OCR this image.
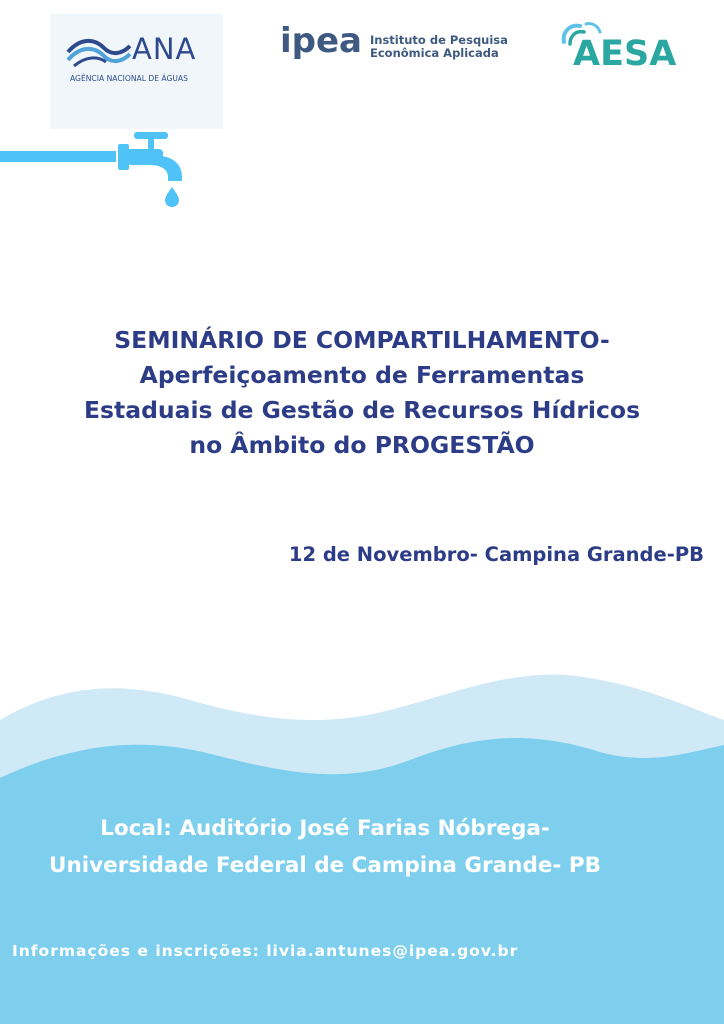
ANA
AGÊNCIA NACIONAL DE ÁGUAS
ipea Instituto de Pesquisa
Econômica Aplicada	AESA
SEMINÁRIO DE COMPARTILHAMENTO-
Aperfeiçoamento de Ferramentas
Estaduais de Gestão de Recursos Hídricos
no Âmbito do PROGESTÃO
12 de Novembro- Campina Grande-PB
Local: Auditório José Farias Nóbrega-
Universidade Federal de Campina Grande- PB
Informações e inscrições: livia.antunes@ipea.gov.br
